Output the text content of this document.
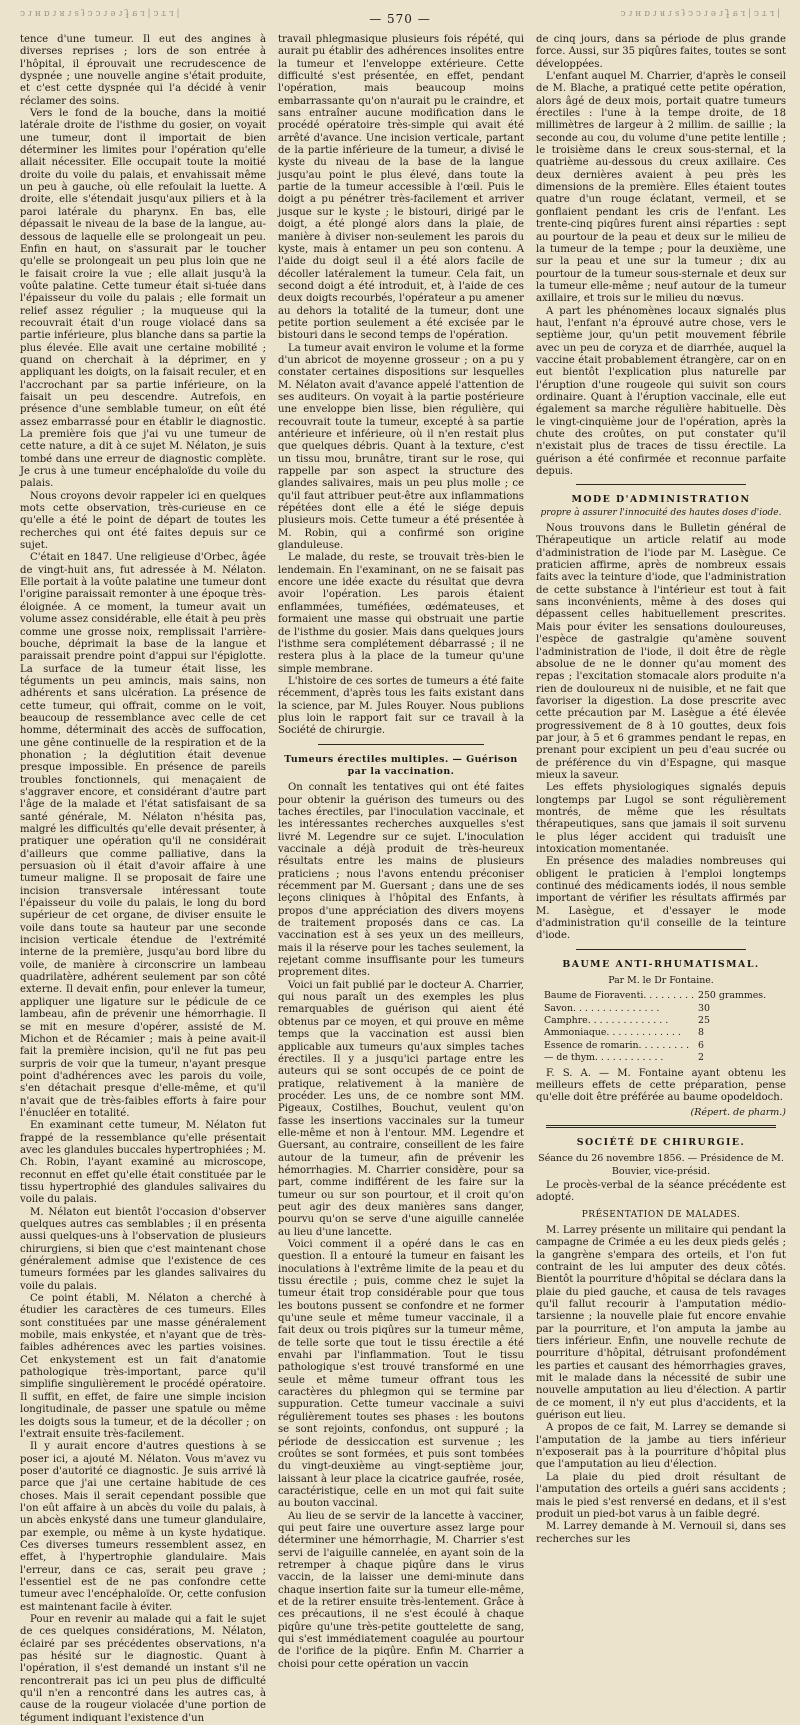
ɔ ɿ ʜ ɒ ɿ ᴙ ɿ ƨ ɟ ɔ ɔ ɿ ɘ ɿ Ɉ ɐ ɹ | ɔ ᴛ ɹ |	— 570 —	ɔ ɿ ʜ ɒ ɿ ᴙ ɿ ƨ ɟ ɔ ɔ ɿ ɘ ɿ Ɉ ɐ ɹ | ɔ ᴛ ɹ |

tence d'une tumeur. Il eut des angines à diverses reprises ; lors de son entrée à l'hôpital, il éprouvait une recrudescence de dyspnée ; une nouvelle angine s'était produite, et c'est cette dyspnée qui l'a décidé à venir réclamer des soins.

Vers le fond de la bouche, dans la moitié latérale droite de l'isthme du gosier, on voyait une tumeur, dont il importait de bien déterminer les limites pour l'opération qu'elle allait nécessiter. Elle occupait toute la moitié droite du voile du palais, et envahissait même un peu à gauche, où elle refoulait la luette. A droite, elle s'étendait jusqu'aux piliers et à la paroi latérale du pharynx. En bas, elle dépassait le niveau de la base de la langue, au-dessous de laquelle elle se prolongeait un peu. Enfin en haut, on s'assurait par le toucher qu'elle se prolongeait un peu plus loin que ne le faisait croire la vue ; elle allait jusqu'à la voûte palatine. Cette tumeur était si-tuée dans l'épaisseur du voile du palais ; elle formait un relief assez régulier ; la muqueuse qui la recouvrait était d'un rouge violacé dans sa partie inférieure, plus blanche dans sa partie la plus élevée. Elle avait une certaine mobilité ; quand on cherchait à la déprimer, en y appliquant les doigts, on la faisait reculer, et en l'accrochant par sa partie inférieure, on la faisait un peu descendre. Autrefois, en présence d'une semblable tumeur, on eût été assez embarrassé pour en établir le diagnostic. La première fois que j'ai vu une tumeur de cette nature, a dit à ce sujet M. Nélaton, je suis tombé dans une erreur de diagnostic complète. Je crus à une tumeur encéphaloïde du voile du palais.

Nous croyons devoir rappeler ici en quelques mots cette observation, très-curieuse en ce qu'elle a été le point de départ de toutes les recherches qui ont été faites depuis sur ce sujet.

C'était en 1847. Une religieuse d'Orbec, âgée de vingt-huit ans, fut adressée à M. Nélaton. Elle portait à la voûte palatine une tumeur dont l'origine paraissait remonter à une époque très-éloignée. A ce moment, la tumeur avait un volume assez considérable, elle était à peu près comme une grosse noix, remplissait l'arrière-bouche, déprimait la base de la langue et paraissait prendre point d'appui sur l'épiglotte. La surface de la tumeur était lisse, les téguments un peu amincis, mais sains, non adhérents et sans ulcération. La présence de cette tumeur, qui offrait, comme on le voit, beaucoup de ressemblance avec celle de cet homme, déterminait des accès de suffocation, une gêne continuelle de la respiration et de la phonation ; la déglutition était devenue presque impossible. En présence de pareils troubles fonctionnels, qui menaçaient de s'aggraver encore, et considérant d'autre part l'âge de la malade et l'état satisfaisant de sa santé générale, M. Nélaton n'hésita pas, malgré les difficultés qu'elle devait présenter, à pratiquer une opération qu'il ne considérait d'ailleurs que comme palliative, dans la persuasion où il était d'avoir affaire à une tumeur maligne. Il se proposait de faire une incision transversale intéressant toute l'épaisseur du voile du palais, le long du bord supérieur de cet organe, de diviser ensuite le voile dans toute sa hauteur par une seconde incision verticale étendue de l'extrémité interne de la première, jusqu'au bord libre du voile, de manière à circonscrire un lambeau quadrilatère, adhérent seulement par son côté externe. Il devait enfin, pour enlever la tumeur, appliquer une ligature sur le pédicule de ce lambeau, afin de prévenir une hémorrhagie. Il se mit en mesure d'opérer, assisté de M. Michon et de Récamier ; mais à peine avait-il fait la première incision, qu'il ne fut pas peu surpris de voir que la tumeur, n'ayant presque point d'adhérences avec les parois du voile, s'en détachait presque d'elle-même, et qu'il n'avait que de très-faibles efforts à faire pour l'énucléer en totalité.

En examinant cette tumeur, M. Nélaton fut frappé de la ressemblance qu'elle présentait avec les glandules buccales hypertrophiées ; M. Ch. Robin, l'ayant examiné au microscope, reconnut en effet qu'elle était constituée par le tissu hypertrophié des glandules salivaires du voile du palais.

M. Nélaton eut bientôt l'occasion d'observer quelques autres cas semblables ; il en présenta aussi quelques-uns à l'observation de plusieurs chirurgiens, si bien que c'est maintenant chose généralement admise que l'existence de ces tumeurs formées par les glandes salivaires du voile du palais.

Ce point établi, M. Nélaton a cherché à étudier les caractères de ces tumeurs. Elles sont constituées par une masse généralement mobile, mais enkystée, et n'ayant que de très-faibles adhérences avec les parties voisines. Cet enkystement est un fait d'anatomie pathologique très-important, parce qu'il simplifie singulièrement le procédé opératoire. Il suffit, en effet, de faire une simple incision longitudinale, de passer une spatule ou même les doigts sous la tumeur, et de la décoller ; on l'extrait ensuite très-facilement.

Il y aurait encore d'autres questions à se poser ici, a ajouté M. Nélaton. Vous m'avez vu poser d'autorité ce diagnostic. Je suis arrivé là parce que j'ai une certaine habitude de ces choses. Mais il serait cependant possible que l'on eût affaire à un abcès du voile du palais, à un abcès enkysté dans une tumeur glandulaire, par exemple, ou même à un kyste hydatique. Ces diverses tumeurs ressemblent assez, en effet, à l'hypertrophie glandulaire. Mais l'erreur, dans ce cas, serait peu grave ; l'essentiel est de ne pas confondre cette tumeur avec l'encéphaloïde. Or, cette confusion est maintenant facile à éviter.

Pour en revenir au malade qui a fait le sujet de ces quelques considérations, M. Nélaton, éclairé par ses précédentes observations, n'a pas hésité sur le diagnostic. Quant à l'opération, il s'est demandé un instant s'il ne rencontrerait pas ici un peu plus de difficulté qu'il n'en a rencontré dans les autres cas, à cause de la rougeur violacée d'une portion de tégument indiquant l'existence d'un

travail phlegmasique plusieurs fois répété, qui aurait pu établir des adhérences insolites entre la tumeur et l'enveloppe extérieure. Cette difficulté s'est présentée, en effet, pendant l'opération, mais beaucoup moins embarrassante qu'on n'aurait pu le craindre, et sans entraîner aucune modification dans le procédé opératoire très-simple qui avait été arrêté d'avance. Une incision verticale, partant de la partie inférieure de la tumeur, a divisé le kyste du niveau de la base de la langue jusqu'au point le plus élevé, dans toute la partie de la tumeur accessible à l'œil. Puis le doigt a pu pénétrer très-facilement et arriver jusque sur le kyste ; le bistouri, dirigé par le doigt, a été plongé alors dans la plaie, de manière à diviser non-seulement les parois du kyste, mais à entamer un peu son contenu. A l'aide du doigt seul il a été alors facile de décoller latéralement la tumeur. Cela fait, un second doigt a été introduit, et, à l'aide de ces deux doigts recourbés, l'opérateur a pu amener au dehors la totalité de la tumeur, dont une petite portion seulement a été excisée par le bistouri dans le second temps de l'opération.

La tumeur avait environ le volume et la forme d'un abricot de moyenne grosseur ; on a pu y constater certaines dispositions sur lesquelles M. Nélaton avait d'avance appelé l'attention de ses auditeurs. On voyait à la partie postérieure une enveloppe bien lisse, bien régulière, qui recouvrait toute la tumeur, excepté à sa partie antérieure et inférieure, où il n'en restait plus que quelques débris. Quant à la texture, c'est un tissu mou, brunâtre, tirant sur le rose, qui rappelle par son aspect la structure des glandes salivaires, mais un peu plus molle ; ce qu'il faut attribuer peut-être aux inflammations répétées dont elle a été le siége depuis plusieurs mois. Cette tumeur a été présentée à M. Robin, qui a confirmé son origine glanduleuse.

Le malade, du reste, se trouvait très-bien le lendemain. En l'examinant, on ne se faisait pas encore une idée exacte du résultat que devra avoir l'opération. Les parois étaient enflammées, tuméfiées, œdémateuses, et formaient une masse qui obstruait une partie de l'isthme du gosier. Mais dans quelques jours l'isthme sera complétement débarrassé ; il ne restera plus à la place de la tumeur qu'une simple membrane.

L'histoire de ces sortes de tumeurs a été faite récemment, d'après tous les faits existant dans la science, par M. Jules Rouyer. Nous publions plus loin le rapport fait sur ce travail à la Société de chirurgie.

Tumeurs érectiles multiples. — Guérison par la vaccination.

On connaît les tentatives qui ont été faites pour obtenir la guérison des tumeurs ou des taches érectiles, par l'inoculation vaccinale, et les intéressantes recherches auxquelles s'est livré M. Legendre sur ce sujet. L'inoculation vaccinale a déjà produit de très-heureux résultats entre les mains de plusieurs praticiens ; nous l'avons entendu préconiser récemment par M. Guersant ; dans une de ses leçons cliniques à l'hôpital des Enfants, à propos d'une appréciation des divers moyens de traitement proposés dans ce cas. La vaccination est à ses yeux un des meilleurs, mais il la réserve pour les taches seulement, la rejetant comme insuffisante pour les tumeurs proprement dites.

Voici un fait publié par le docteur A. Charrier, qui nous paraît un des exemples les plus remarquables de guérison qui aient été obtenus par ce moyen, et qui prouve en même temps que la vaccination est aussi bien applicable aux tumeurs qu'aux simples taches érectiles. Il y a jusqu'ici partage entre les auteurs qui se sont occupés de ce point de pratique, relativement à la manière de procéder. Les uns, de ce nombre sont MM. Pigeaux, Costilhes, Bouchut, veulent qu'on fasse les insertions vaccinales sur la tumeur elle-même et non à l'entour. MM. Legendre et Guersant, au contraire, conseillent de les faire autour de la tumeur, afin de prévenir les hémorrhagies. M. Charrier considère, pour sa part, comme indifférent de les faire sur la tumeur ou sur son pourtour, et il croit qu'on peut agir des deux manières sans danger, pourvu qu'on se serve d'une aiguille cannelée au lieu d'une lancette.

Voici comment il a opéré dans le cas en question. Il a entouré la tumeur en faisant les inoculations à l'extrême limite de la peau et du tissu érectile ; puis, comme chez le sujet la tumeur était trop considérable pour que tous les boutons pussent se confondre et ne former qu'une seule et même tumeur vaccinale, il a fait deux ou trois piqûres sur la tumeur même, de telle sorte que tout le tissu érectile a été envahi par l'inflammation. Tout le tissu pathologique s'est trouvé transformé en une seule et même tumeur offrant tous les caractères du phlegmon qui se termine par suppuration. Cette tumeur vaccinale a suivi régulièrement toutes ses phases : les boutons se sont rejoints, confondus, ont suppuré ; la période de dessiccation est survenue ; les croûtes se sont formées, et puis sont tombées du vingt-deuxième au vingt-septième jour, laissant à leur place la cicatrice gaufrée, rosée, caractéristique, celle en un mot qui fait suite au bouton vaccinal.

Au lieu de se servir de la lancette à vacciner, qui peut faire une ouverture assez large pour déterminer une hémorrhagie, M. Charrier s'est servi de l'aiguille cannelée, en ayant soin de la retremper à chaque piqûre dans le virus vaccin, de la laisser une demi-minute dans chaque insertion faite sur la tumeur elle-même, et de la retirer ensuite très-lentement. Grâce à ces précautions, il ne s'est écoulé à chaque piqûre qu'une très-petite gouttelette de sang, qui s'est immédiatement coagulée au pourtour de l'orifice de la piqûre. Enfin M. Charrier a choisi pour cette opération un vaccin

de cinq jours, dans sa période de plus grande force. Aussi, sur 35 piqûres faites, toutes se sont développées.

L'enfant auquel M. Charrier, d'après le conseil de M. Blache, a pratiqué cette petite opération, alors âgé de deux mois, portait quatre tumeurs érectiles : l'une à la tempe droite, de 18 millimètres de largeur à 2 millim. de saillie ; la seconde au cou, du volume d'une petite lentille ; le troisième dans le creux sous-sternal, et la quatrième au-dessous du creux axillaire. Ces deux dernières avaient à peu près les dimensions de la première. Elles étaient toutes quatre d'un rouge éclatant, vermeil, et se gonflaient pendant les cris de l'enfant. Les trente-cinq piqûres furent ainsi réparties : sept au pourtour de la peau et deux sur le milieu de la tumeur de la tempe ; pour la deuxième, une sur la peau et une sur la tumeur ; dix au pourtour de la tumeur sous-sternale et deux sur la tumeur elle-même ; neuf autour de la tumeur axillaire, et trois sur le milieu du nœvus.

A part les phénomènes locaux signalés plus haut, l'enfant n'a éprouvé autre chose, vers le septième jour, qu'un petit mouvement fébrile avec un peu de coryza et de diarrhée, auquel la vaccine était probablement étrangère, car on en eut bientôt l'explication plus naturelle par l'éruption d'une rougeole qui suivit son cours ordinaire. Quant à l'éruption vaccinale, elle eut également sa marche régulière habituelle. Dès le vingt-cinquième jour de l'opération, après la chute des croûtes, on put constater qu'il n'existait plus de traces de tissu érectile. La guérison a été confirmée et reconnue parfaite depuis.

MODE D'ADMINISTRATION
propre à assurer l'innocuité des hautes doses d'iode.

Nous trouvons dans le Bulletin général de Thérapeutique un article relatif au mode d'administration de l'iode par M. Lasègue. Ce praticien affirme, après de nombreux essais faits avec la teinture d'iode, que l'administration de cette substance à l'intérieur est tout à fait sans inconvénients, même à des doses qui dépassent celles habituellement prescrites. Mais pour éviter les sensations douloureuses, l'espèce de gastralgie qu'amène souvent l'administration de l'iode, il doit être de règle absolue de ne le donner qu'au moment des repas ; l'excitation stomacale alors produite n'a rien de douloureux ni de nuisible, et ne fait que favoriser la digestion. La dose prescrite avec cette précaution par M. Lasègue a été élevée progressivement de 8 à 10 gouttes, deux fois par jour, à 5 et 6 grammes pendant le repas, en prenant pour excipient un peu d'eau sucrée ou de préférence du vin d'Espagne, qui masque mieux la saveur.

Les effets physiologiques signalés depuis longtemps par Lugol se sont régulièrement montrés, de même que les résultats thérapeutiques, sans que jamais il soit survenu le plus léger accident qui traduisît une intoxication momentanée.

En présence des maladies nombreuses qui obligent le praticien à l'emploi longtemps continué des médicaments iodés, il nous semble important de vérifier les résultats affirmés par M. Lasègue, et d'essayer le mode d'administration qu'il conseille de la teinture d'iode.

BAUME ANTI-RHUMATISMAL.
Par M. le Dr Fontaine.
Baume de Fioraventi. . . . . . . . . 250 grammes.
Savon. . . . . . . . . . . . . . .	30
Camphre. . . . . . . . . . . . . .	25
Ammoniaque. . . . . . . . . . . . . 8
Essence de romarin. . . . . . . . . 6
— de thym. . . . . . . . . . . .	2

F. S. A. — M. Fontaine ayant obtenu les meilleurs effets de cette préparation, pense qu'elle doit être préférée au baume opodeldoch.

(Répert. de pharm.)
SOCIÉTÉ DE CHIRURGIE.
Séance du 26 novembre 1856. — Présidence de M. Bouvier, vice-présid.

Le procès-verbal de la séance précédente est adopté.

PRÉSENTATION DE MALADES.

M. Larrey présente un militaire qui pendant la campagne de Crimée a eu les deux pieds gelés ; la gangrène s'empara des orteils, et l'on fut contraint de les lui amputer des deux côtés. Bientôt la pourriture d'hôpital se déclara dans la plaie du pied gauche, et causa de tels ravages qu'il fallut recourir à l'amputation médio-tarsienne ; la nouvelle plaie fut encore envahie par la pourriture, et l'on amputa la jambe au tiers inférieur. Enfin, une nouvelle rechute de pourriture d'hôpital, détruisant profondément les parties et causant des hémorrhagies graves, mit le malade dans la nécessité de subir une nouvelle amputation au lieu d'élection. A partir de ce moment, il n'y eut plus d'accidents, et la guérison eut lieu.

A propos de ce fait, M. Larrey se demande si l'amputation de la jambe au tiers inférieur n'exposerait pas à la pourriture d'hôpital plus que l'amputation au lieu d'élection.

La plaie du pied droit résultant de l'amputation des orteils a guéri sans accidents ; mais le pied s'est renversé en dedans, et il s'est produit un pied-bot varus à un faible degré.

M. Larrey demande à M. Vernouil si, dans ses recherches sur les
